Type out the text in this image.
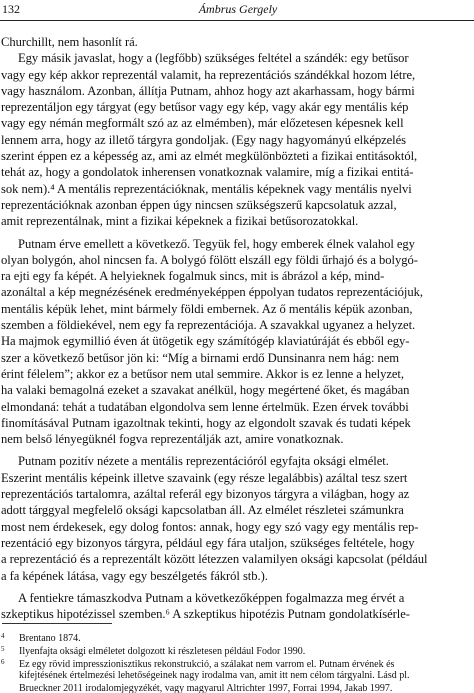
132	Ámbrus Gergely
Churchillt, nem hasonlít rá.
Egy másik javaslat, hogy a (legfőbb) szükséges feltétel a szándék: egy betűsor
vagy egy kép akkor reprezentál valamit, ha reprezentációs szándékkal hozom létre,
vagy használom. Azonban, állítja Putnam, ahhoz hogy azt akarhassam, hogy bármi
reprezentáljon egy tárgyat (egy betűsor vagy egy kép, vagy akár egy mentális kép
vagy egy némán megformált szó az az elmémben), már előzetesen képesnek kell
lennem arra, hogy az illető tárgyra gondoljak. (Egy nagy hagyományú elképzelés
szerint éppen ez a képesség az, ami az elmét megkülönbözteti a fizikai entitásoktól,
tehát az, hogy a gondolatok inherensen vonatkoznak valamire, míg a fizikai entitá-
sok nem).⁴ A mentális reprezentációknak, mentális képeknek vagy mentális nyelvi
reprezentációknak azonban éppen úgy nincsen szükségszerű kapcsolatuk azzal,
amit reprezentálnak, mint a fizikai képeknek a fizikai betűsorozatokkal.
Putnam érve emellett a következő. Tegyük fel, hogy emberek élnek valahol egy
olyan bolygón, ahol nincsen fa. A bolygó fölött elszáll egy földi űrhajó és a bolygó-
ra ejti egy fa képét. A helyieknek fogalmuk sincs, mit is ábrázol a kép, mind-
azonáltal a kép megnézésének eredményeképpen éppolyan tudatos reprezentációjuk,
mentális képük lehet, mint bármely földi embernek. Az ő mentális képük azonban,
szemben a földiekével, nem egy fa reprezentációja. A szavakkal ugyanez a helyzet.
Ha majmok egymillió éven át ütögetik egy számítógép klaviatúráját és ebből egy-
szer a következő betűsor jön ki: “Míg a birnami erdő Dunsinanra nem hág: nem
érint félelem”; akkor ez a betűsor nem utal semmire. Akkor is ez lenne a helyzet,
ha valaki bemagolná ezeket a szavakat anélkül, hogy megértené őket, és magában
elmondaná: tehát a tudatában elgondolva sem lenne értelmük. Ezen érvek további
finomításával Putnam igazoltnak tekinti, hogy az elgondolt szavak és tudati képek
nem belső lényegüknél fogva reprezentálják azt, amire vonatkoznak.
Putnam pozitív nézete a mentális reprezentációról egyfajta oksági elmélet.
Eszerint mentális képeink illetve szavaink (egy része legalábbis) azáltal tesz szert
reprezentációs tartalomra, azáltal referál egy bizonyos tárgyra a világban, hogy az
adott tárggyal megfelelő oksági kapcsolatban áll. Az elmélet részletei számunkra
most nem érdekesek, egy dolog fontos: annak, hogy egy szó vagy egy mentális rep-
rezentáció egy bizonyos tárgyra, például egy fára utaljon, szükséges feltétele, hogy
a reprezentáció és a reprezentált között létezzen valamilyen oksági kapcsolat (például
a fa képének látása, vagy egy beszélgetés fákról stb.).
A fentiekre támaszkodva Putnam a következőképpen fogalmazza meg érvét a
szkeptikus hipotézissel szemben.⁶ A szkeptikus hipotézis Putnam gondolatkísérle-
4 Brentano 1874.
5 Ilyenfajta oksági elméletet dolgozott ki részletesen például Fodor 1990.
6 Ez egy rövid impresszionisztikus rekonstrukció, a szálakat nem varrom el. Putnam érvének és
kifejtésének értelmezési lehetőségeinek nagy irodalma van, amit itt nem célom tárgyalni. Lásd pl.
Brueckner 2011 irodalomjegyzékét, vagy magyarul Altrichter 1997, Forrai 1994, Jakab 1997.
